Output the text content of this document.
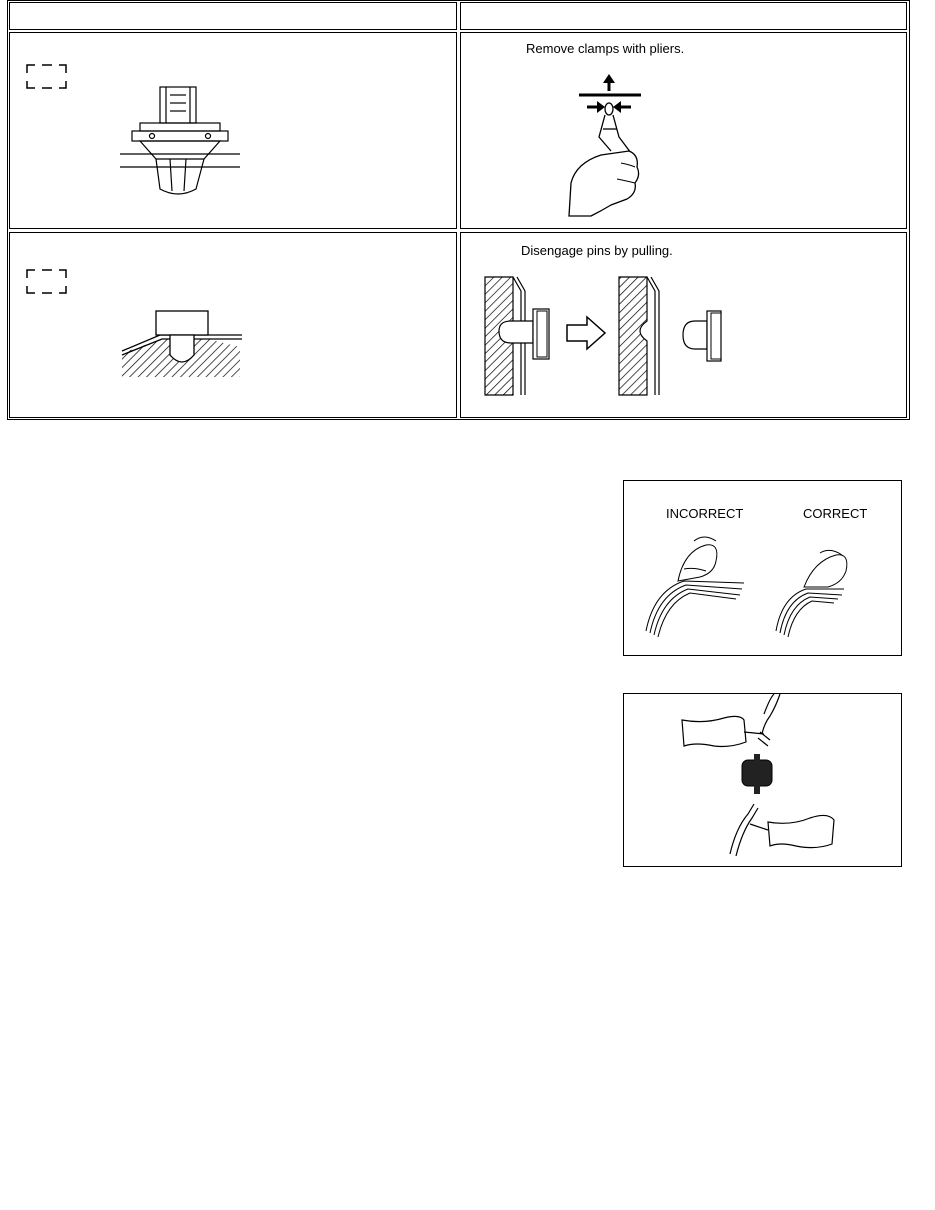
Remove clamps with pliers.
Disengage pins by pulling.
INCORRECT	CORRECT
